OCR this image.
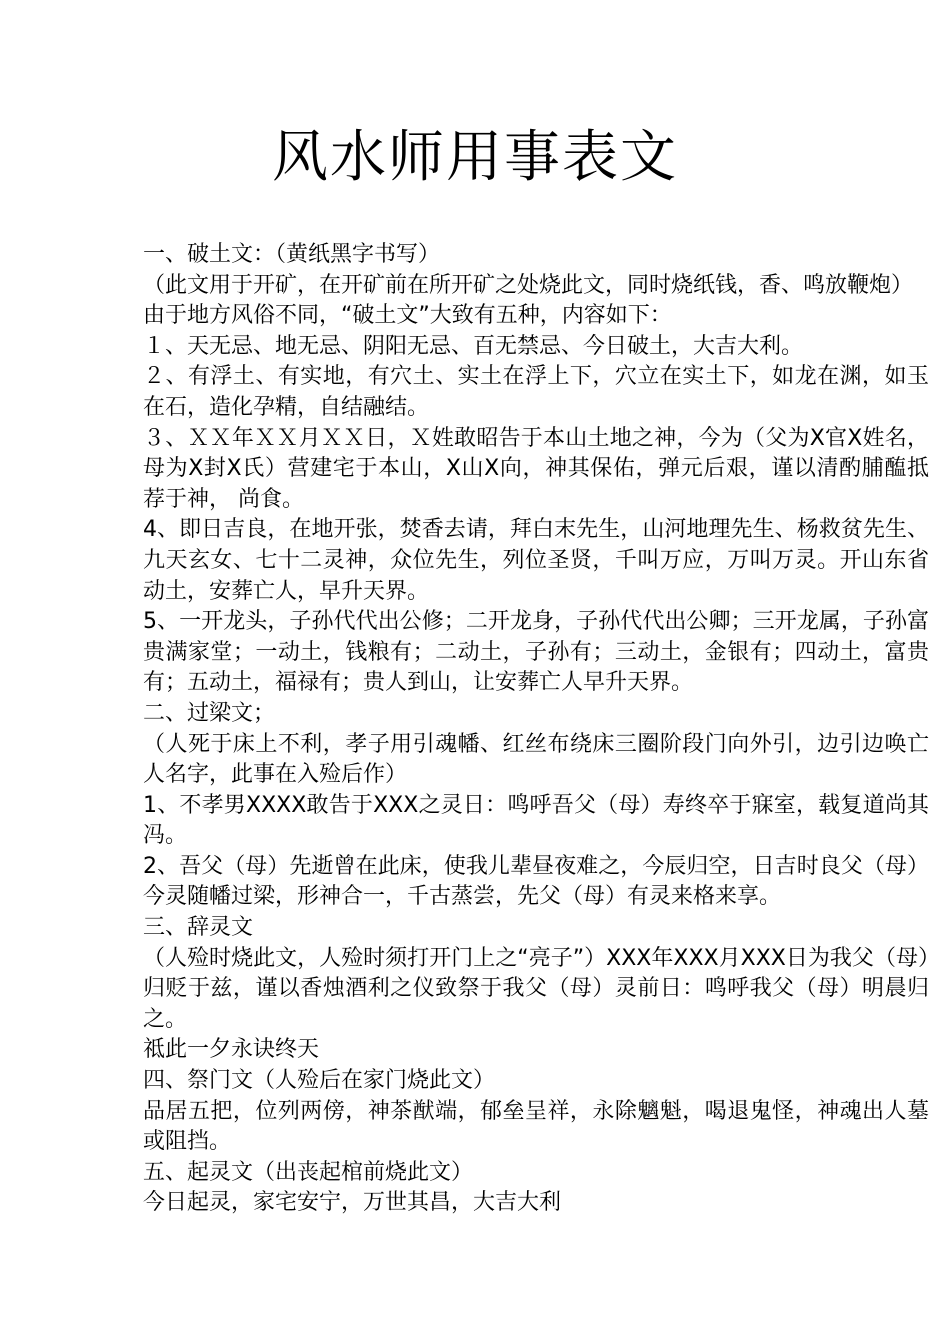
风水师用事表文

一、破土文：（黄纸黑字书写）

（此文用于开矿，在开矿前在所开矿之处烧此文，同时烧纸钱，香、鸣放鞭炮）

由于地方风俗不同，“破土文”大致有五种，内容如下：

１、天无忌、地无忌、阴阳无忌、百无禁忌、今日破土，大吉大利。

２、有浮土、有实地，有穴土、实土在浮上下，穴立在实土下，如龙在渊，如玉在石，造化孕精，自结融结。

３、ＸＸ年ＸＸ月ＸＸ日，Ｘ姓敢昭告于本山土地之神，今为（父为X官X姓名，母为X封X氏）营建宅于本山，X山X向，神其保佑，弹元后艰，谨以清酌脯醢抵荐于神， 尚食。

4、即日吉良，在地开张，焚香去请，拜白末先生，山河地理先生、杨救贫先生、九天玄女、七十二灵神，众位先生，列位圣贤，千叫万应，万叫万灵。开山东省动土，安葬亡人，早升天界。

5、一开龙头，子孙代代出公修；二开龙身，子孙代代出公卿；三开龙属，子孙富贵满家堂；一动土，钱粮有；二动土，子孙有；三动土，金银有；四动土，富贵有；五动土，福禄有；贵人到山，让安葬亡人早升天界。

二、过梁文；

（人死于床上不利，孝子用引魂幡、红丝布绕床三圈阶段门向外引，边引边唤亡人名字，此事在入殓后作）

1、不孝男XXXX敢告于XXX之灵日：鸣呼吾父（母）寿终卒于寐室，载复道尚其冯。

2、吾父（母）先逝曾在此床，使我儿辈昼夜难之，今辰归空，日吉时良父（母）今灵随幡过梁，形神合一，千古蒸尝，先父（母）有灵来格来享。

三、辞灵文

（人殓时烧此文，人殓时须打开门上之“亮子”）XXX年XXX月XXX日为我父（母）归贬于兹，谨以香烛酒利之仪致祭于我父（母）灵前日：鸣呼我父（母）明晨归之。

祗此一夕永诀终天

四、祭门文（人殓后在家门烧此文）

品居五把，位列两傍，神茶猷端，郁垒呈祥，永除魑魁，喝退鬼怪，神魂出人墓或阻挡。

五、起灵文（出丧起棺前烧此文）

今日起灵，家宅安宁，万世其昌，大吉大利
